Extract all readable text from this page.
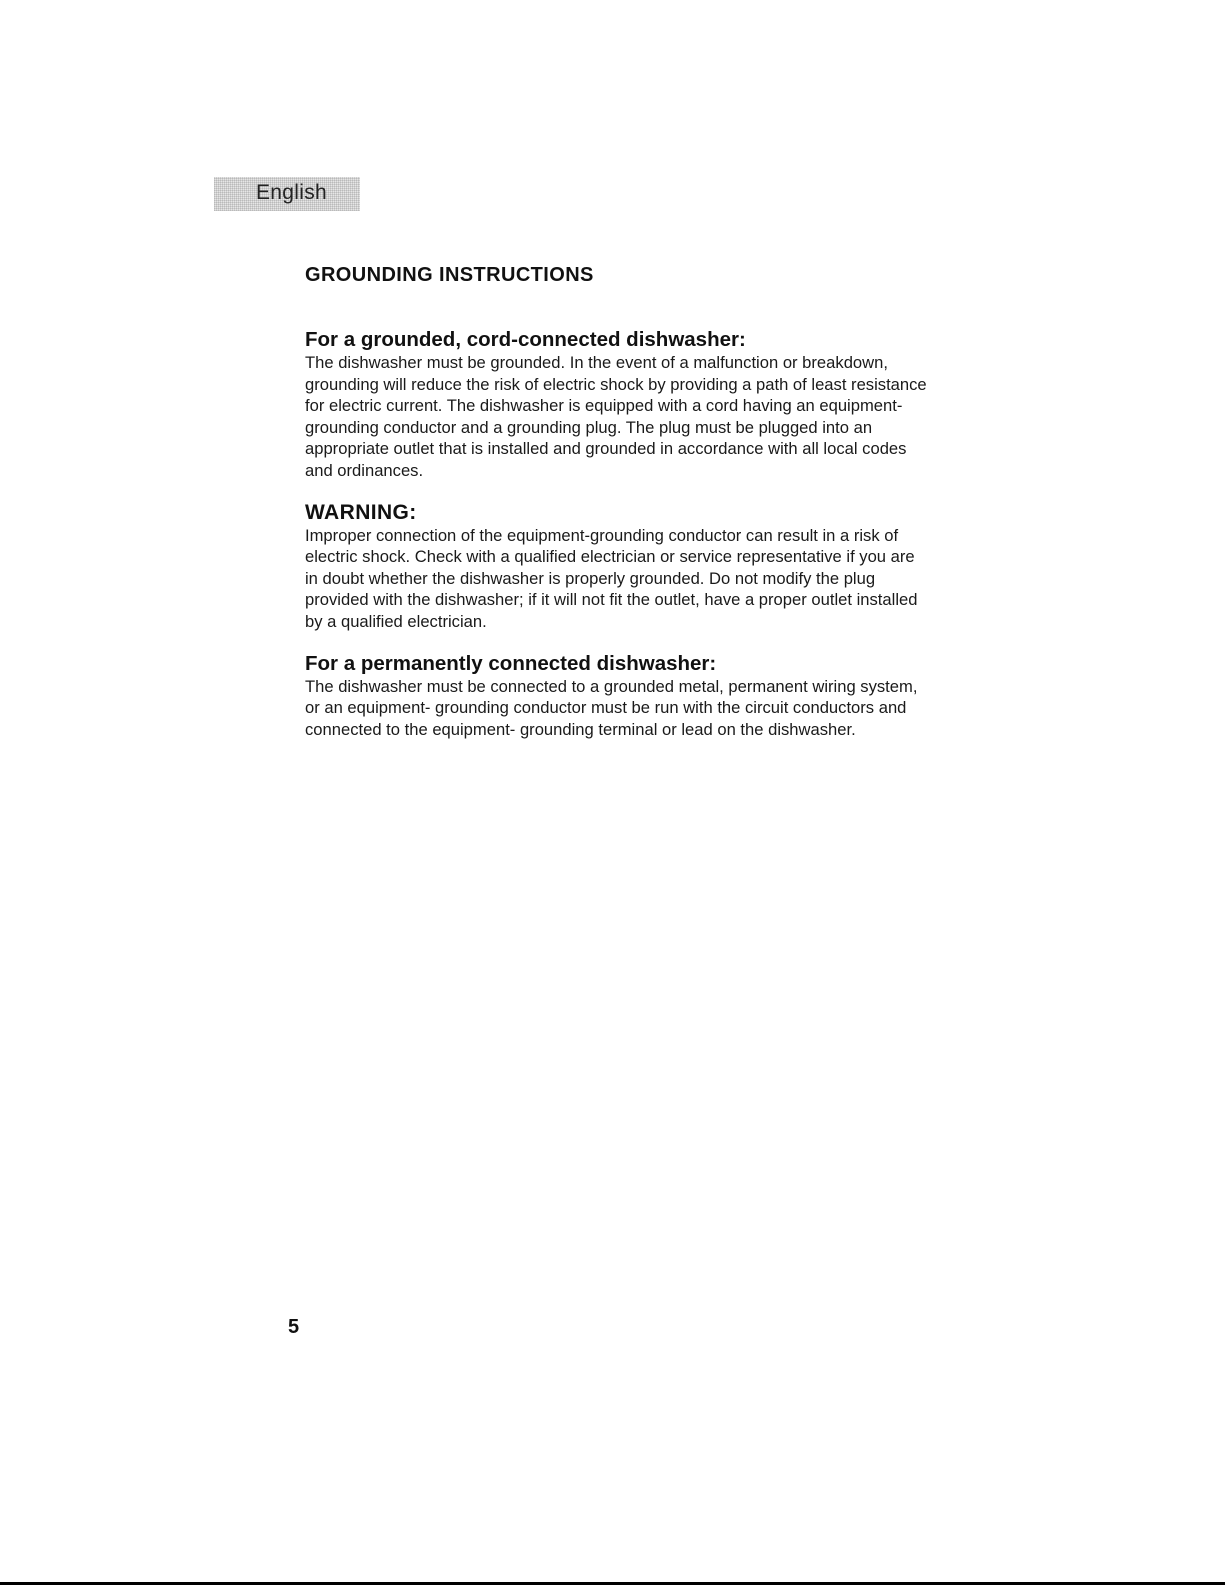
English
GROUNDING INSTRUCTIONS
For a grounded, cord-connected dishwasher:

The dishwasher must be grounded. In the event of a malfunction or breakdown, grounding will reduce the risk of electric shock by providing a path of least resistance for electric current. The dishwasher is equipped with a cord having an equipment- grounding conductor and a grounding plug. The plug must be plugged into an appropriate outlet that is installed and grounded in accordance with all local codes and ordinances.

WARNING:

Improper connection of the equipment-grounding conductor can result in a risk of electric shock. Check with a qualified electrician or service representative if you are in doubt whether the dishwasher is properly grounded. Do not modify the plug provided with the dishwasher; if it will not fit the outlet, have a proper outlet installed by a qualified electrician.

For a permanently connected dishwasher:

The dishwasher must be connected to a grounded metal, permanent wiring system, or an equipment- grounding conductor must be run with the circuit conductors and connected to the equipment- grounding terminal or lead on the dishwasher.

5
